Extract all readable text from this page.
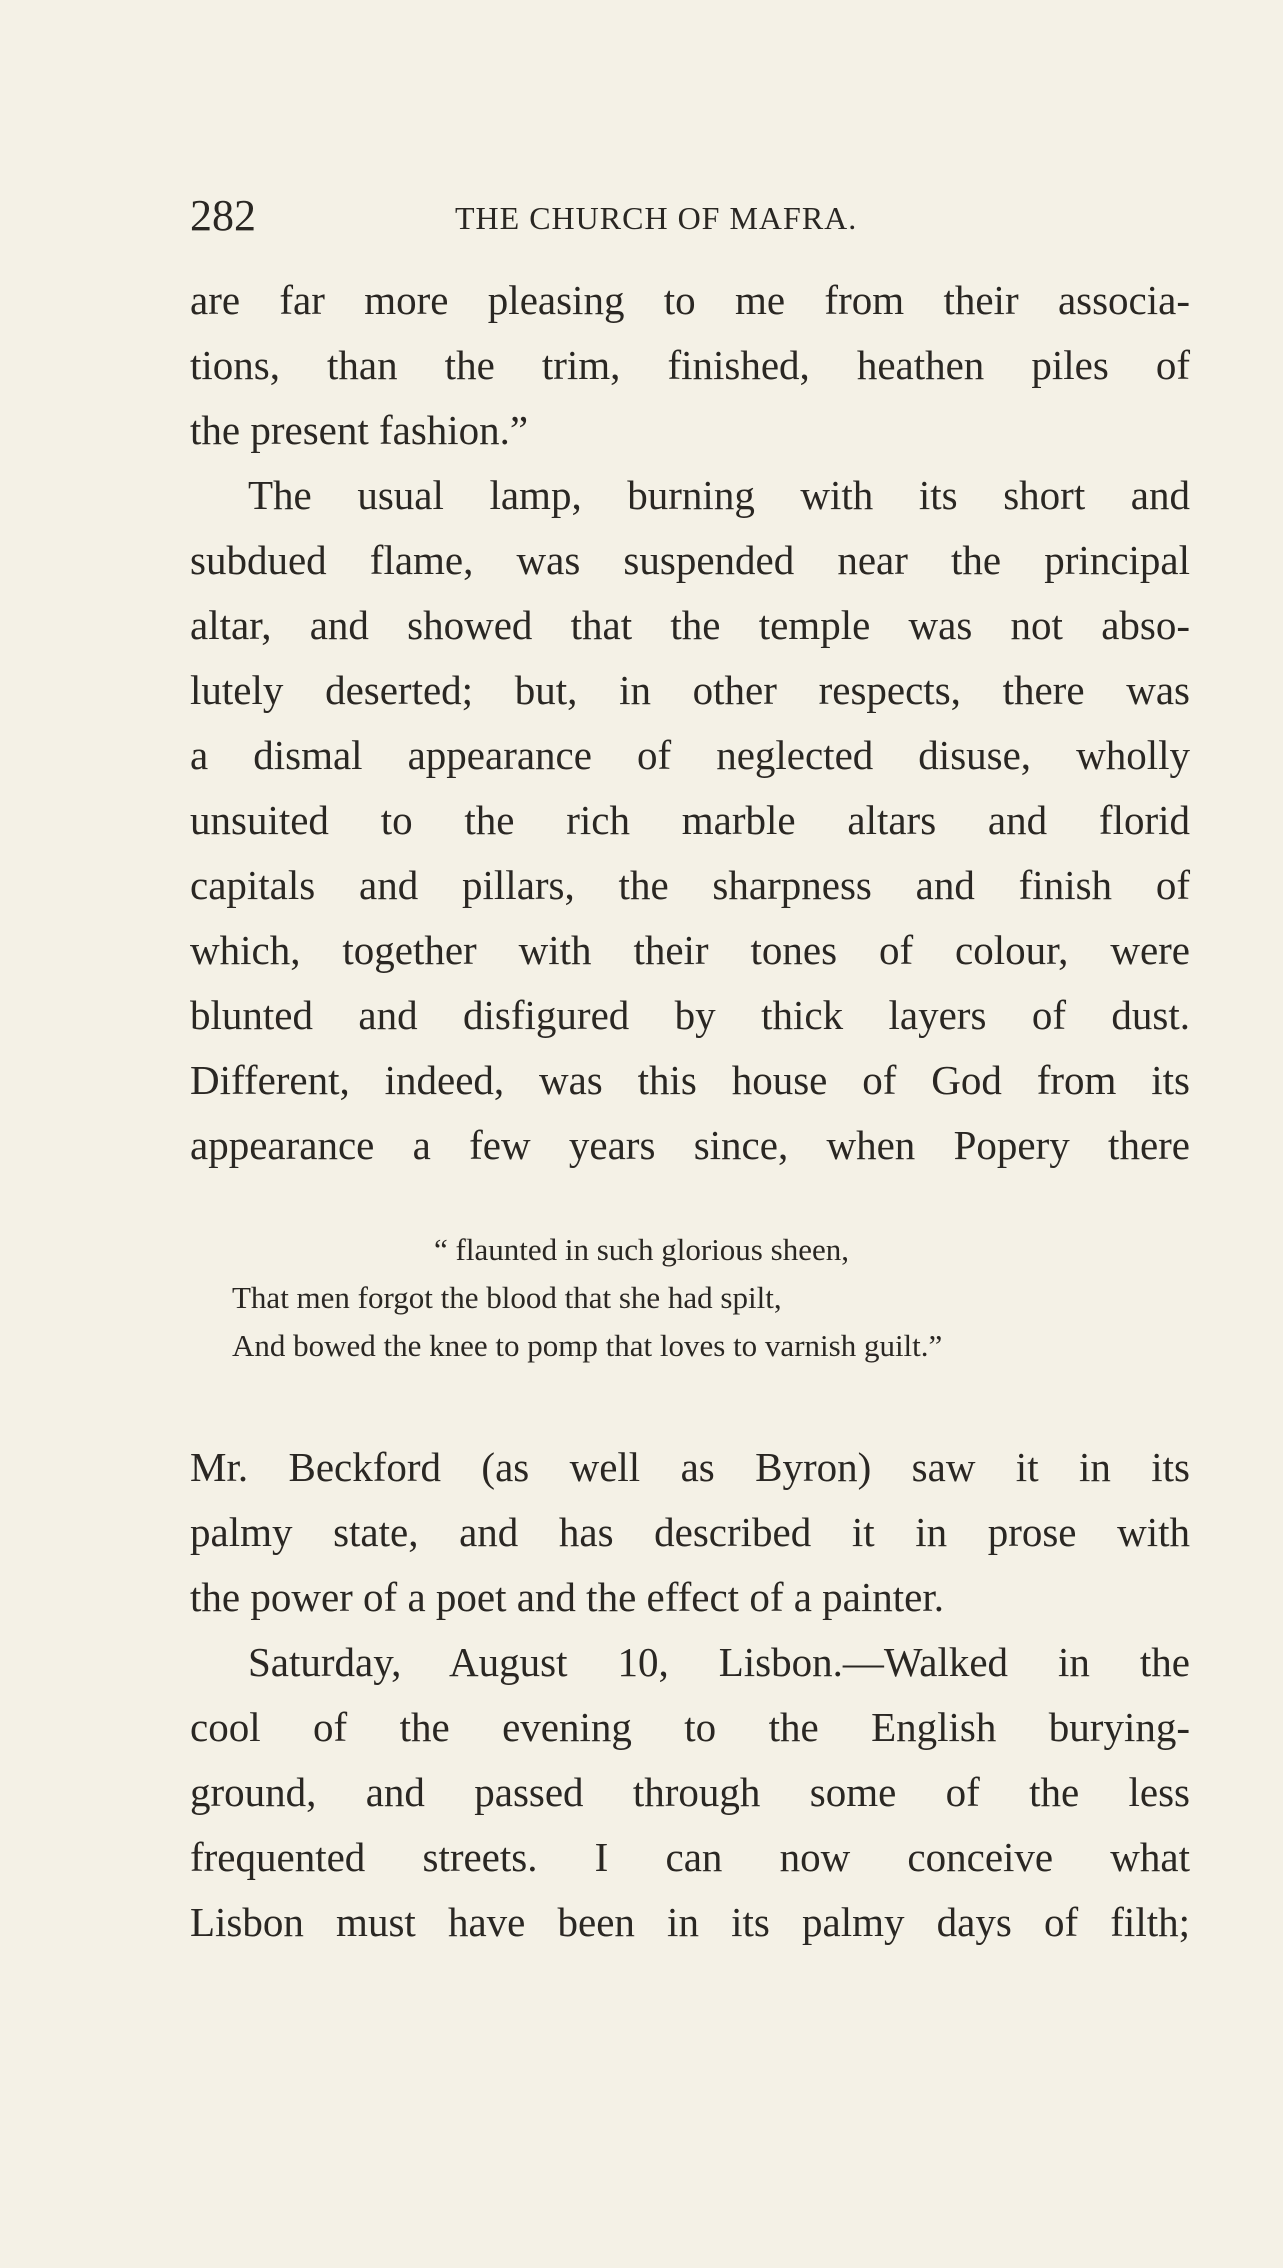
282	THE CHURCH OF MAFRA.
are far more pleasing to me from their associa-
tions, than the trim, finished, heathen piles of
the present fashion.”
The usual lamp, burning with its short and
subdued flame, was suspended near the principal
altar, and showed that the temple was not abso-
lutely deserted; but, in other respects, there was
a dismal appearance of neglected disuse, wholly
unsuited to the rich marble altars and florid
capitals and pillars, the sharpness and finish of
which, together with their tones of colour, were
blunted and disfigured by thick layers of dust.
Different, indeed, was this house of God from its
appearance a few years since, when Popery there
“ flaunted in such glorious sheen,
That men forgot the blood that she had spilt,
And bowed the knee to pomp that loves to varnish guilt.”
Mr. Beckford (as well as Byron) saw it in its
palmy state, and has described it in prose with
the power of a poet and the effect of a painter.
Saturday, August 10, Lisbon.—Walked in the
cool of the evening to the English burying-
ground, and passed through some of the less
frequented streets. I can now conceive what
Lisbon must have been in its palmy days of filth;
